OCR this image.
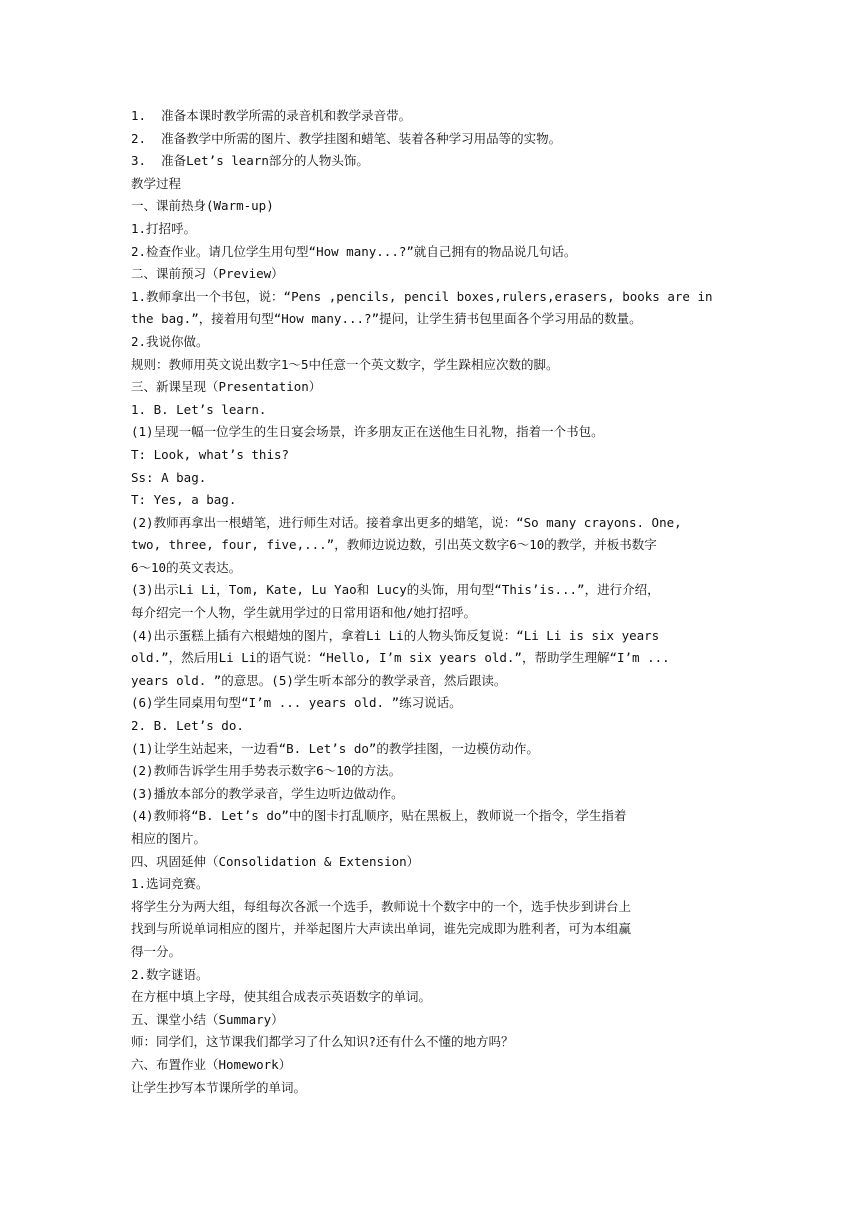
1.  准备本课时教学所需的录音机和教学录音带。

2.  准备教学中所需的图片、教学挂图和蜡笔、装着各种学习用品等的实物。

3.  准备Let’s learn部分的人物头饰。

教学过程

一、课前热身(Warm-up)

1.打招呼。

2.检查作业。请几位学生用句型“How many...?”就自己拥有的物品说几句话。

二、课前预习（Preview）

1.教师拿出一个书包，说：“Pens ,pencils, pencil boxes,rulers,erasers, books are in

the bag.”，接着用句型“How many...?”提问，让学生猜书包里面各个学习用品的数量。

2.我说你做。

规则：教师用英文说出数字1～5中任意一个英文数字，学生跺相应次数的脚。

三、新课呈现（Presentation）

1. B. Let’s learn.

(1)呈现一幅一位学生的生日宴会场景，许多朋友正在送他生日礼物，指着一个书包。

T: Look, what’s this?

Ss: A bag.

T: Yes, a bag.

(2)教师再拿出一根蜡笔，进行师生对话。接着拿出更多的蜡笔，说：“So many crayons. One,

two, three, four, five,...”，教师边说边数，引出英文数字6～10的教学，并板书数字

6～10的英文表达。

(3)出示Li Li，Tom, Kate, Lu Yao和 Lucy的头饰，用句型“This’is...”，进行介绍，

每介绍完一个人物，学生就用学过的日常用语和他/她打招呼。

(4)出示蛋糕上插有六根蜡烛的图片，拿着Li Li的人物头饰反复说：“Li Li is six years

old.”，然后用Li Li的语气说：“Hello, I’m six years old.”，帮助学生理解“I’m ...

years old. ”的意思。(5)学生听本部分的教学录音，然后跟读。

(6)学生同桌用句型“I’m ... years old. ”练习说话。

2. B. Let’s do.

(1)让学生站起来，一边看“B. Let’s do”的教学挂图，一边模仿动作。

(2)教师告诉学生用手势表示数字6～10的方法。

(3)播放本部分的教学录音，学生边听边做动作。

(4)教师将“B. Let’s do”中的图卡打乱顺序，贴在黑板上，教师说一个指令，学生指着

相应的图片。

四、巩固延伸（Consolidation & Extension）

1.选词竞赛。

将学生分为两大组，每组每次各派一个选手，教师说十个数字中的一个，选手快步到讲台上

找到与所说单词相应的图片，并举起图片大声读出单词，谁先完成即为胜利者，可为本组赢

得一分。

2.数字谜语。

在方框中填上字母，使其组合成表示英语数字的单词。

五、课堂小结（Summary）

师：同学们，这节课我们都学习了什么知识?还有什么不懂的地方吗？

六、布置作业（Homework）

让学生抄写本节课所学的单词。
